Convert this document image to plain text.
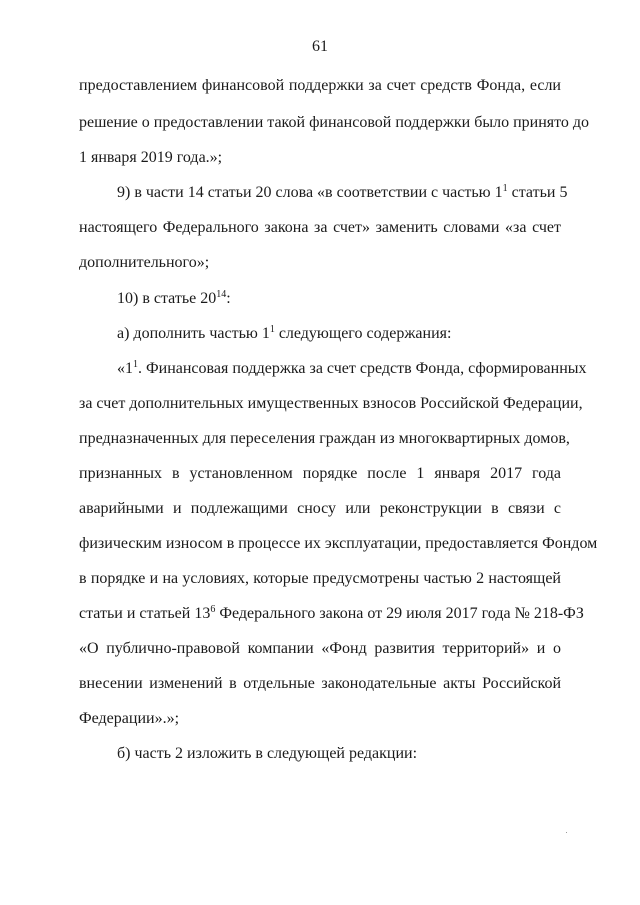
61
предоставлением финансовой поддержки за счет средств Фонда, если
решение о предоставлении такой финансовой поддержки было принято до
1 января 2019 года.»;
9) в части 14 статьи 20 слова «в соответствии с частью $1^1$ статьи 5
настоящего Федерального закона за счет» заменить словами «за счет
дополнительного»;
10) в статье $20^{14}$:
а) дополнить частью $1^1$ следующего содержания:
«$1^1$. Финансовая поддержка за счет средств Фонда, сформированных
за счет дополнительных имущественных взносов Российской Федерации,
предназначенных для переселения граждан из многоквартирных домов,
признанных в установленном порядке после 1 января 2017 года
аварийными и подлежащими сносу или реконструкции в связи с
физическим износом в процессе их эксплуатации, предоставляется Фондом
в порядке и на условиях, которые предусмотрены частью 2 настоящей
статьи и статьей $13^6$ Федерального закона от 29 июля 2017 года № 218-ФЗ
«О публично-правовой компании «Фонд развития территорий» и о
внесении изменений в отдельные законодательные акты Российской
Федерации».»;
б) часть 2 изложить в следующей редакции:
